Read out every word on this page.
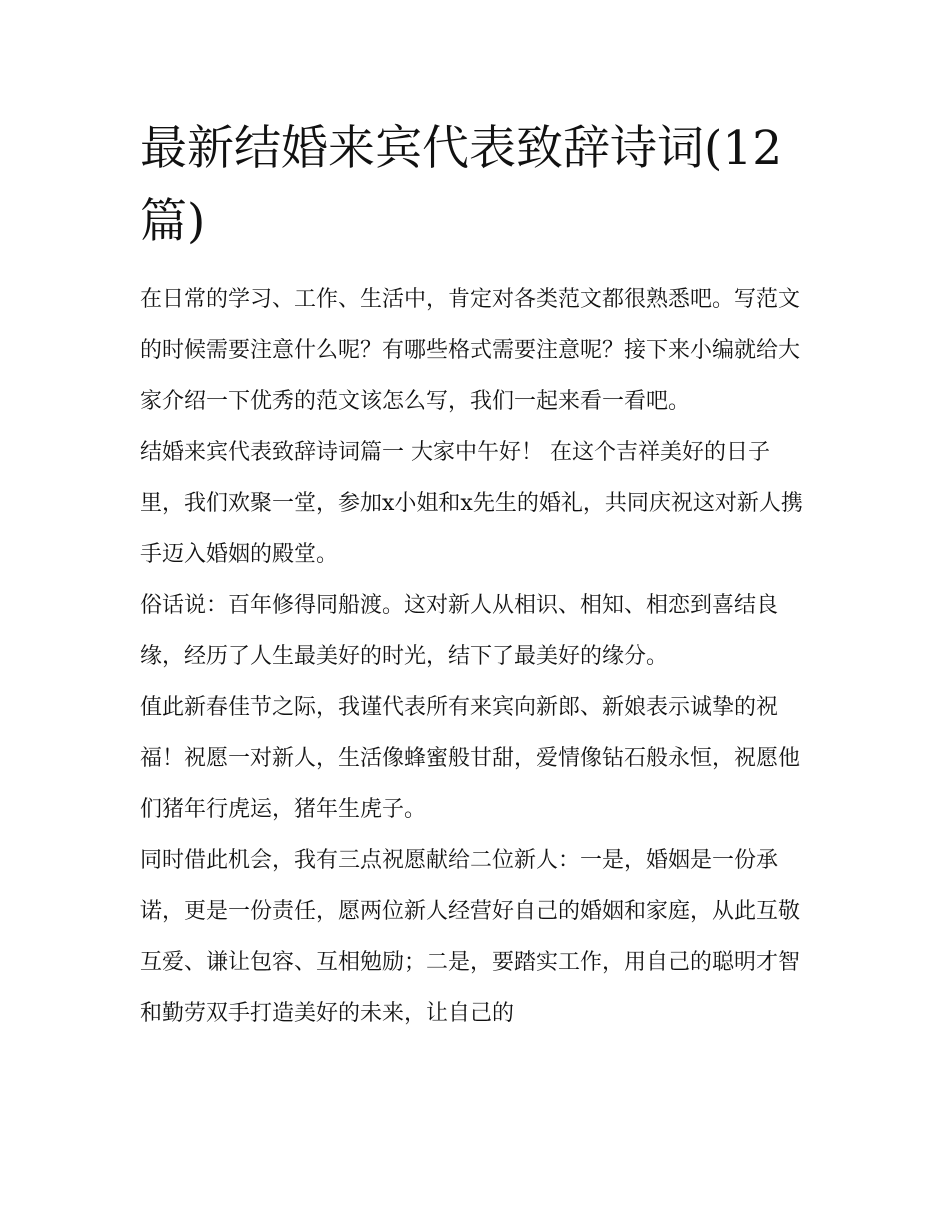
最新结婚来宾代表致辞诗词(12篇)

在日常的学习、工作、生活中，肯定对各类范文都很熟悉吧。写范文的时候需要注意什么呢？有哪些格式需要注意呢？接下来小编就给大家介绍一下优秀的范文该怎么写，我们一起来看一看吧。

结婚来宾代表致辞诗词篇一 大家中午好！ 在这个吉祥美好的日子里，我们欢聚一堂，参加x小姐和x先生的婚礼，共同庆祝这对新人携手迈入婚姻的殿堂。

俗话说：百年修得同船渡。这对新人从相识、相知、相恋到喜结良缘，经历了人生最美好的时光，结下了最美好的缘分。

值此新春佳节之际，我谨代表所有来宾向新郎、新娘表示诚挚的祝福！祝愿一对新人，生活像蜂蜜般甘甜，爱情像钻石般永恒，祝愿他们猪年行虎运，猪年生虎子。

同时借此机会，我有三点祝愿献给二位新人：一是，婚姻是一份承诺，更是一份责任，愿两位新人经营好自己的婚姻和家庭，从此互敬互爱、谦让包容、互相勉励；二是，要踏实工作，用自己的聪明才智和勤劳双手打造美好的未来，让自己的
